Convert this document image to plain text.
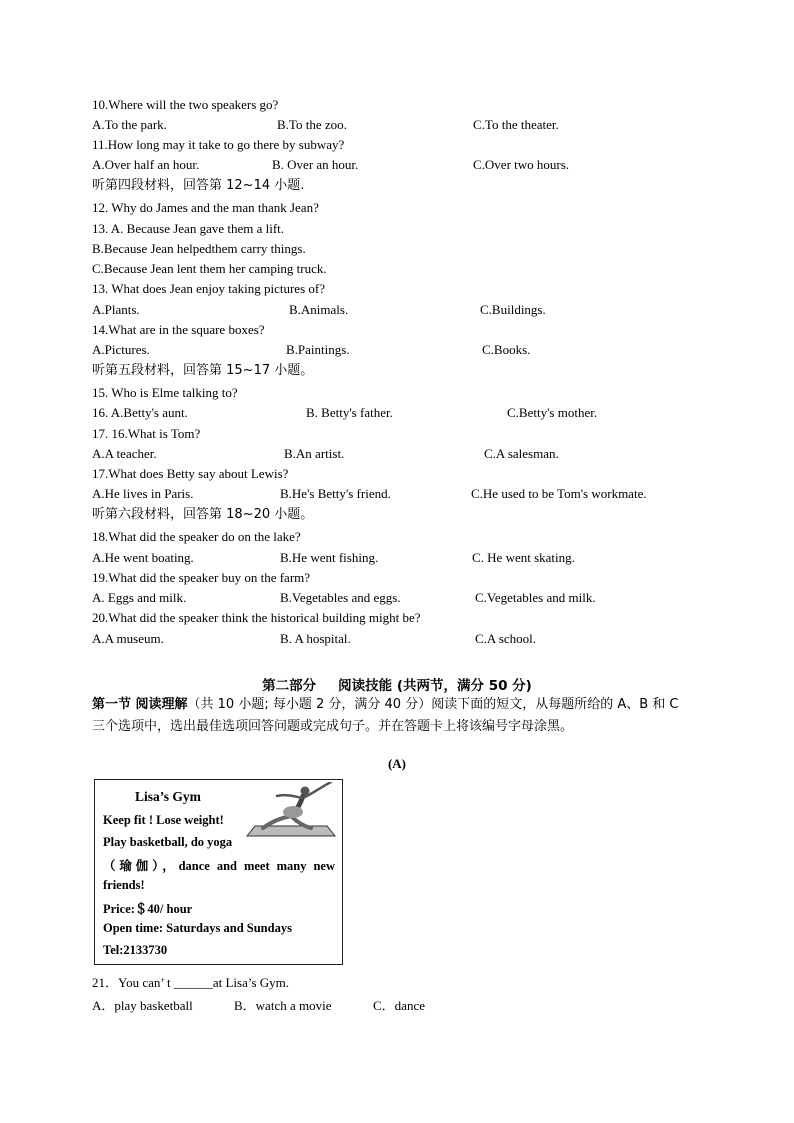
10.Where will the two speakers go?
A.To the park.	B.To the zoo.	C.To the theater.
11.How long may it take to go there by subway?
A.Over half an hour.	B. Over an hour.	C.Over two hours.
听第四段材料，回答第 12~14 小题.
12. Why do James and the man thank Jean?
13. A. Because Jean gave them a lift.
B.Because Jean helpedthem carry things.
C.Because Jean lent them her camping truck.
13. What does Jean enjoy taking pictures of?
A.Plants.	B.Animals.	C.Buildings.
14.What are in the square boxes?
A.Pictures.	B.Paintings.	C.Books.
听第五段材料，回答第 15~17 小题。
15. Who is Elme talking to?
16. A.Betty's aunt.	B. Betty's father.	C.Betty's mother.
17. 16.What is Tom?
A.A teacher.	B.An artist.	C.A salesman.
17.What does Betty say about Lewis?
A.He lives in Paris.	B.He's Betty's friend.	C.He used to be Tom's workmate.
听第六段材料，回答第 18~20 小题。
18.What did the speaker do on the lake?
A.He went boating.	B.He went fishing.	C. He went skating.
19.What did the speaker buy on the farm?
A. Eggs and milk.	B.Vegetables and eggs.	C.Vegetables and milk.
20.What did the speaker think the historical building might be?
A.A museum.	B. A hospital.	C.A school.
第二部分 阅读技能 (共两节，满分 50 分)
第一节 阅读理解（共 10 小题; 每小题 2 分，满分 40 分）阅读下面的短文，从每题所给的 A、B 和 C
三个选项中，选出最佳选项回答问题或完成句子。并在答题卡上将该编号字母涂黑。
(A)
Lisa’s Gym
Keep fit ! Lose weight!
Play basketball, do yoga
（瑜伽），dance and meet many new
friends!
Price:＄40/ hour
Open time: Saturdays and Sundays
Tel:2133730
21．You can’ t ______at Lisa’s Gym.
A．play basketball	B．watch a movie	C．dance
